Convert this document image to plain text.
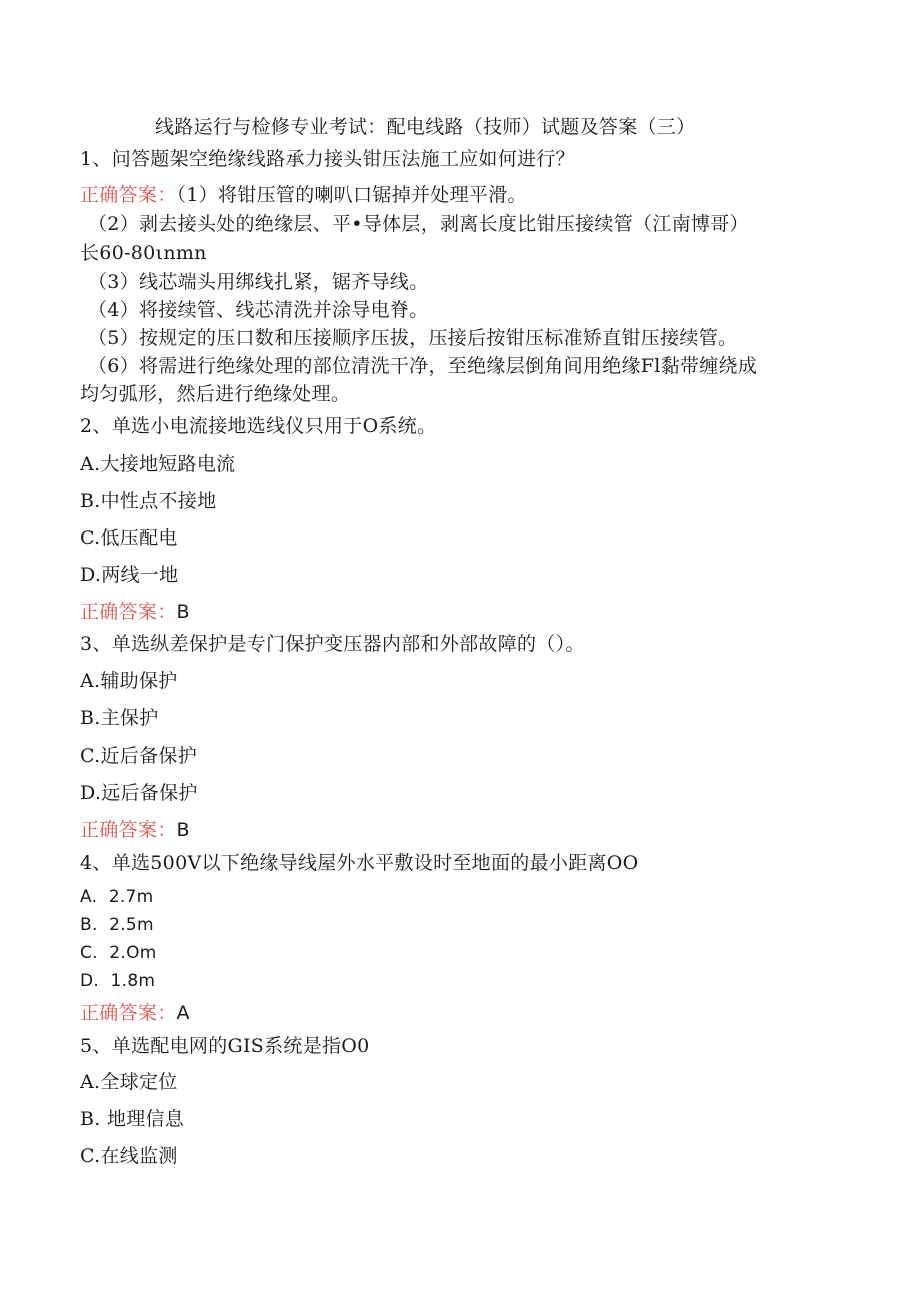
线路运行与检修专业考试：配电线路（技师）试题及答案（三）
1、问答题架空绝缘线路承力接头钳压法施工应如何进行？
正确答案：（1）将钳压管的喇叭口锯掉并处理平滑。
（2）剥去接头处的绝缘层、平•导体层，剥离长度比钳压接续管（江南博哥）
长60-80ιnmn
（3）线芯端头用绑线扎紧，锯齐导线。
（4）将接续管、线芯清洗并涂导电脊。
（5）按规定的压口数和压接顺序压拔，压接后按钳压标准矫直钳压接续管。
（6）将需进行绝缘处理的部位清洗干净，至绝缘层倒角间用绝缘Fl黏带缠绕成
均匀弧形，然后进行绝缘处理。
2、单选小电流接地选线仪只用于O系统。
A.大接地短路电流
B.中性点不接地
C.低压配电
D.两线一地
正确答案：B
3、单选纵差保护是专门保护变压器内部和外部故障的（）。
A.辅助保护
B.主保护
C.近后备保护
D.远后备保护
正确答案：B
4、单选500V以下绝缘导线屋外水平敷设时至地面的最小距离OO
A.  2.7m
B.  2.5m
C.  2.Om
D.  1.8m
正确答案：A
5、单选配电网的GIS系统是指O0
A.全球定位
B. 地理信息
C.在线监测
